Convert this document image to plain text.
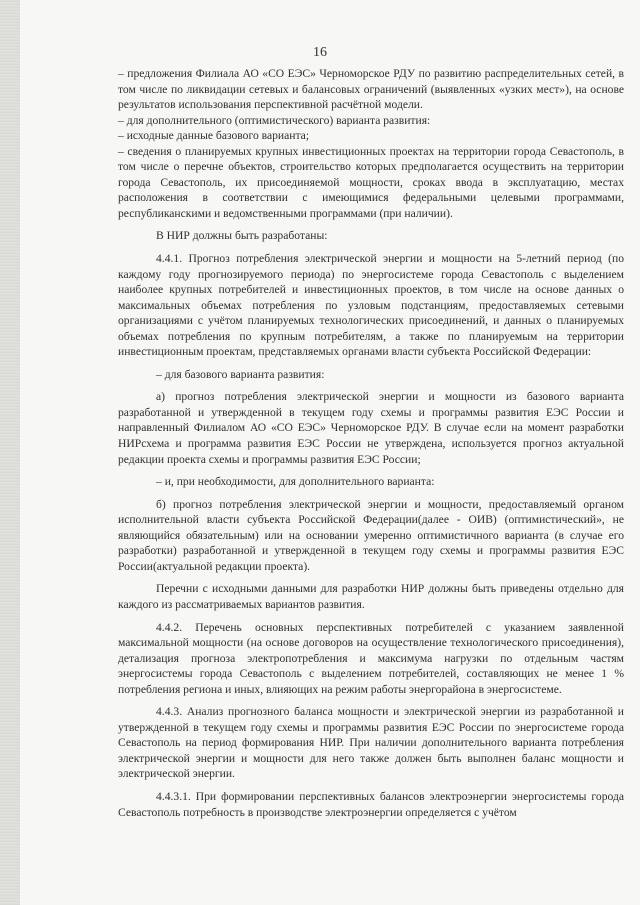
16

– предложения Филиала АО «СО ЕЭС» Черноморское РДУ по развитию распределительных сетей, в том числе по ликвидации сетевых и балансовых ограничений (выявленных «узких мест»), на основе результатов использования перспективной расчётной модели.

– для дополнительного (оптимистического) варианта развития:

– исходные данные базового варианта;

– сведения о планируемых крупных инвестиционных проектах на территории города Севастополь, в том числе о перечне объектов, строительство которых предполагается осуществить на территории города Севастополь, их присоединяемой мощности, сроках ввода в эксплуатацию, местах расположения в соответствии с имеющимися федеральными целевыми программами, республиканскими и ведомственными программами (при наличии).

В НИР должны быть разработаны:

4.4.1. Прогноз потребления электрической энергии и мощности на 5-летний период (по каждому году прогнозируемого периода) по энергосистеме города Севастополь с выделением наиболее крупных потребителей и инвестиционных проектов, в том числе на основе данных о максимальных объемах потребления по узловым подстанциям, предоставляемых сетевыми организациями с учётом планируемых технологических присоединений, и данных о планируемых объемах потребления по крупным потребителям, а также по планируемым на территории инвестиционным проектам, представляемых органами власти субъекта Российской Федерации:

– для базового варианта развития:

а) прогноз потребления электрической энергии и мощности из базового варианта разработанной и утвержденной в текущем году схемы и программы развития ЕЭС России и направленный Филиалом АО «СО ЕЭС» Черноморское РДУ. В случае если на момент разработки НИРсхема и программа развития ЕЭС России не утверждена, используется прогноз актуальной редакции проекта схемы и программы развития ЕЭС России;

– и, при необходимости, для дополнительного варианта:

б) прогноз потребления электрической энергии и мощности, предоставляемый органом исполнительной власти субъекта Российской Федерации(далее - ОИВ) (оптимистический», не являющийся обязательным) или на основании умеренно оптимистичного варианта (в случае его разработки) разработанной и утвержденной в текущем году схемы и программы развития ЕЭС России(актуальной редакции проекта).

Перечни с исходными данными для разработки НИР должны быть приведены отдельно для каждого из рассматриваемых вариантов развития.

4.4.2. Перечень основных перспективных потребителей с указанием заявленной максимальной мощности (на основе договоров на осуществление технологического присоединения), детализация прогноза электропотребления и максимума нагрузки по отдельным частям энергосистемы города Севастополь с выделением потребителей, составляющих не менее 1 % потребления региона и иных, влияющих на режим работы энергорайона в энергосистеме.

4.4.3. Анализ прогнозного баланса мощности и электрической энергии из разработанной и утвержденной в текущем году схемы и программы развития ЕЭС России по энергосистеме города Севастополь на период формирования НИР. При наличии дополнительного варианта потребления электрической энергии и мощности для него также должен быть выполнен баланс мощности и электрической энергии.

4.4.3.1. При формировании перспективных балансов электроэнергии энергосистемы города Севастополь потребность в производстве электроэнергии определяется с учётом
